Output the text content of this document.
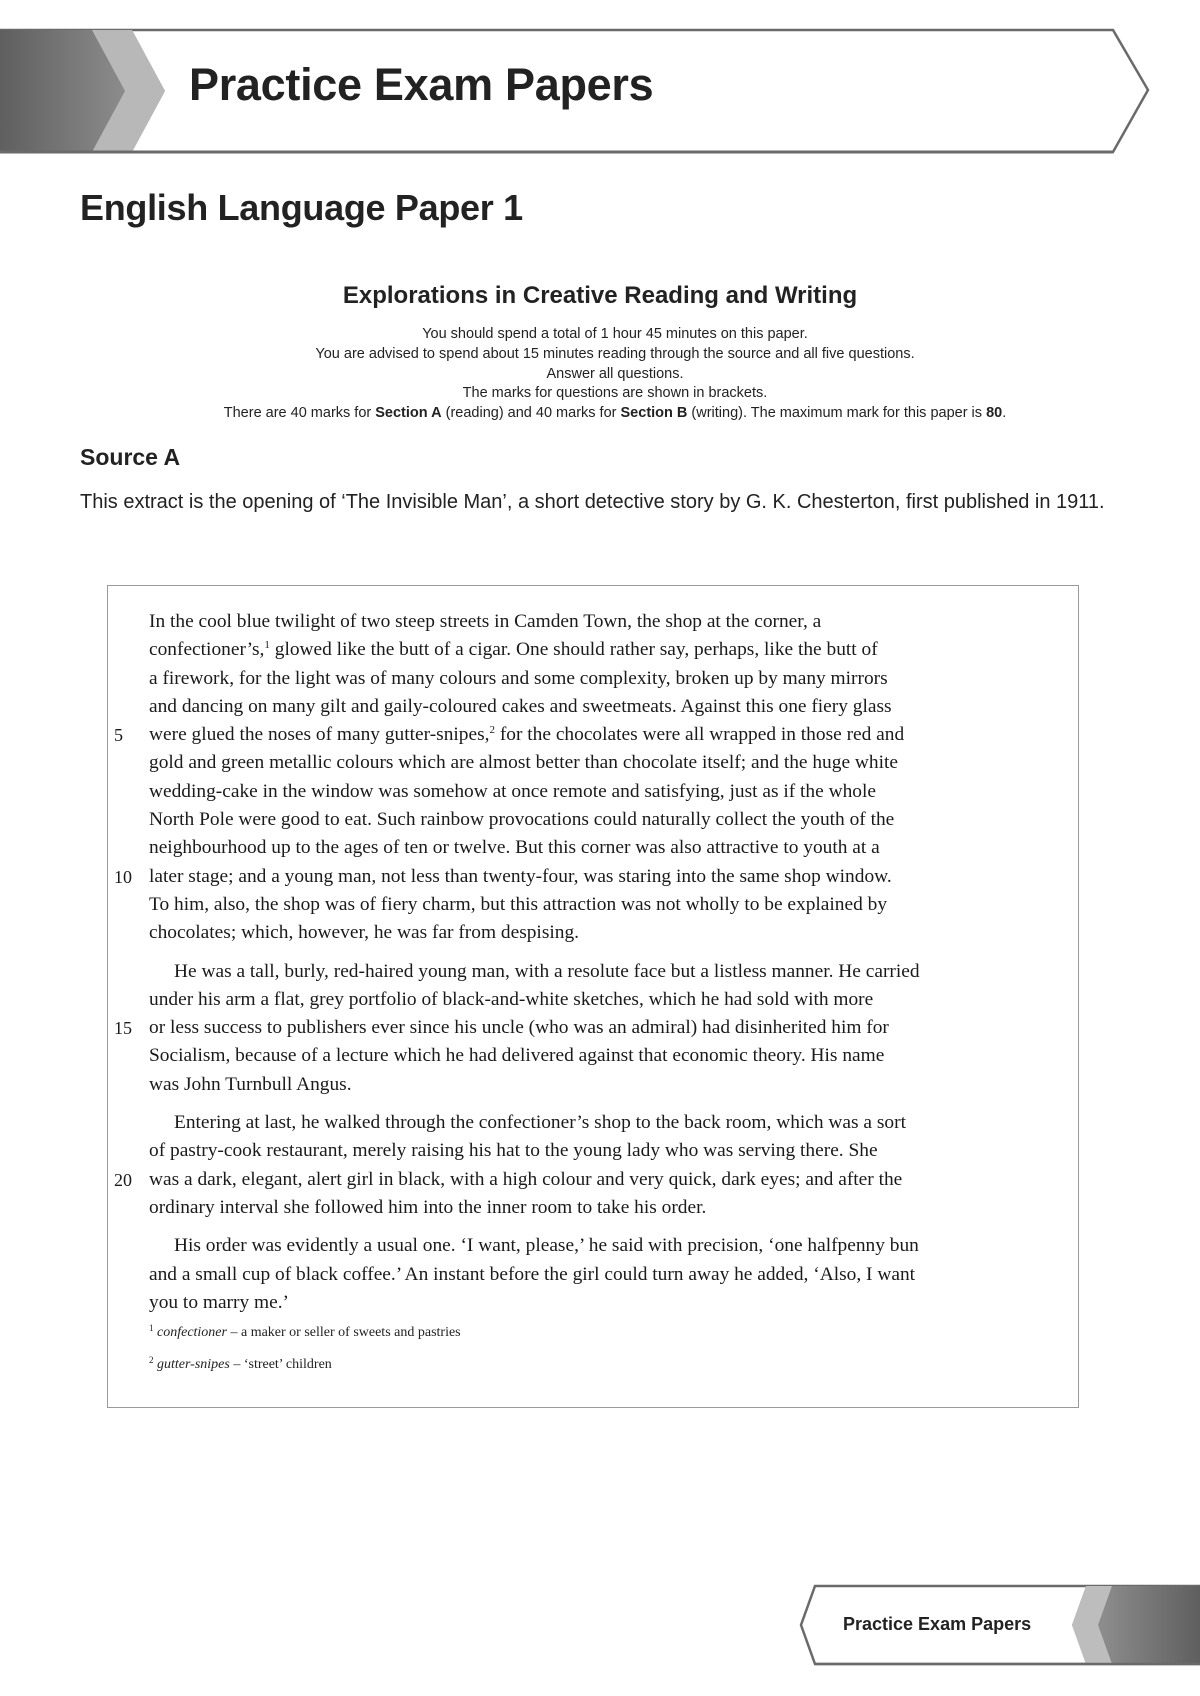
Practice Exam Papers
English Language Paper 1
Explorations in Creative Reading and Writing
You should spend a total of 1 hour 45 minutes on this paper.
You are advised to spend about 15 minutes reading through the source and all five questions.
Answer all questions.
The marks for questions are shown in brackets.
There are 40 marks for Section A (reading) and 40 marks for Section B (writing). The maximum mark for this paper is 80.
Source A

This extract is the opening of ‘The Invisible Man’, a short detective story by G. K. Chesterton, first published in 1911.

In the cool blue twilight of two steep streets in Camden Town, the shop at the corner, a
confectioner’s,$^1$ glowed like the butt of a cigar. One should rather say, perhaps, like the butt of
a firework, for the light was of many colours and some complexity, broken up by many mirrors
and dancing on many gilt and gaily-coloured cakes and sweetmeats. Against this one fiery glass
5	were glued the noses of many gutter-snipes,$^2$ for the chocolates were all wrapped in those red and
gold and green metallic colours which are almost better than chocolate itself; and the huge white
wedding-cake in the window was somehow at once remote and satisfying, just as if the whole
North Pole were good to eat. Such rainbow provocations could naturally collect the youth of the
neighbourhood up to the ages of ten or twelve. But this corner was also attractive to youth at a
10 later stage; and a young man, not less than twenty-four, was staring into the same shop window.
To him, also, the shop was of fiery charm, but this attraction was not wholly to be explained by
chocolates; which, however, he was far from despising.

He was a tall, burly, red-haired young man, with a resolute face but a listless manner. He carried
under his arm a flat, grey portfolio of black-and-white sketches, which he had sold with more
15 or less success to publishers ever since his uncle (who was an admiral) had disinherited him for
Socialism, because of a lecture which he had delivered against that economic theory. His name
was John Turnbull Angus.

Entering at last, he walked through the confectioner’s shop to the back room, which was a sort
of pastry-cook restaurant, merely raising his hat to the young lady who was serving there. She
20 was a dark, elegant, alert girl in black, with a high colour and very quick, dark eyes; and after the
ordinary interval she followed him into the inner room to take his order.

His order was evidently a usual one. ‘I want, please,’ he said with precision, ‘one halfpenny bun
and a small cup of black coffee.’ An instant before the girl could turn away he added, ‘Also, I want
you to marry me.’

$^1$ confectioner – a maker or seller of sweets and pastries
$^2$ gutter-snipes – ‘street’ children

Practice Exam Papers
